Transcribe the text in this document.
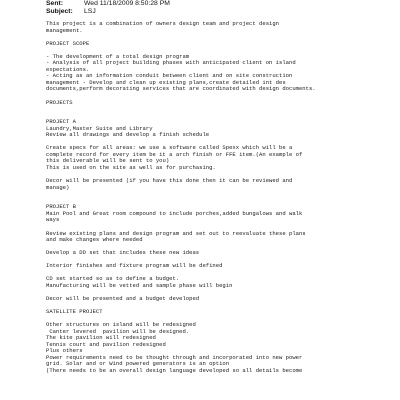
Sent:	Wed 11/18/2009 8:50:28 PM
Subject:	LSJ
This project is a combination of owners design team and project design
management.
PROJECT SCOPE
- The development of a total design program
- Analysis of all project building phases with anticipated client on island
expectations.
- Acting as an information conduit between client and on site construction
management - Develop and clean up existing plans,create detailed int des
documents,perform decorating services that are coordinated with design documents.
PROJECTS
PROJECT A
Laundry,Master Suite and Library
Review all drawings and develop a finish schedule
Create specs for all areas: we use a software called Spexx which will be a
complete record for every item be it a arch finish or FFE item.(An example of
this deliverable will be sent to you)
This is used on the site as well as for purchasing.
Decor will be presented (if you have this done then it can be reviewed and
manage)
PROJECT B
Main Pool and Great room compound to include porches,added bungalows and walk
ways
Review existing plans and design program and set out to reevaluate these plans
and make changes where needed
Develop a DD set that includes these new ideas
Interior finishes and fixture program will be defined
CD set started so as to define a budget.
Manufacturing will be vetted and sample phase will begin
Decor will be presented and a budget developed
SATELLITE PROJECT
Other structures on island will be redesigned
Canter levered  pavilion will be designed.
The kite pavilion will redesigned
Tennis court and pavilion redesigned
Plus others
Power requirements need to be thought through and incorporated into new power
grid. Solar and or Wind powered generators is an option
(There needs to be an overall design language developed so all details become
